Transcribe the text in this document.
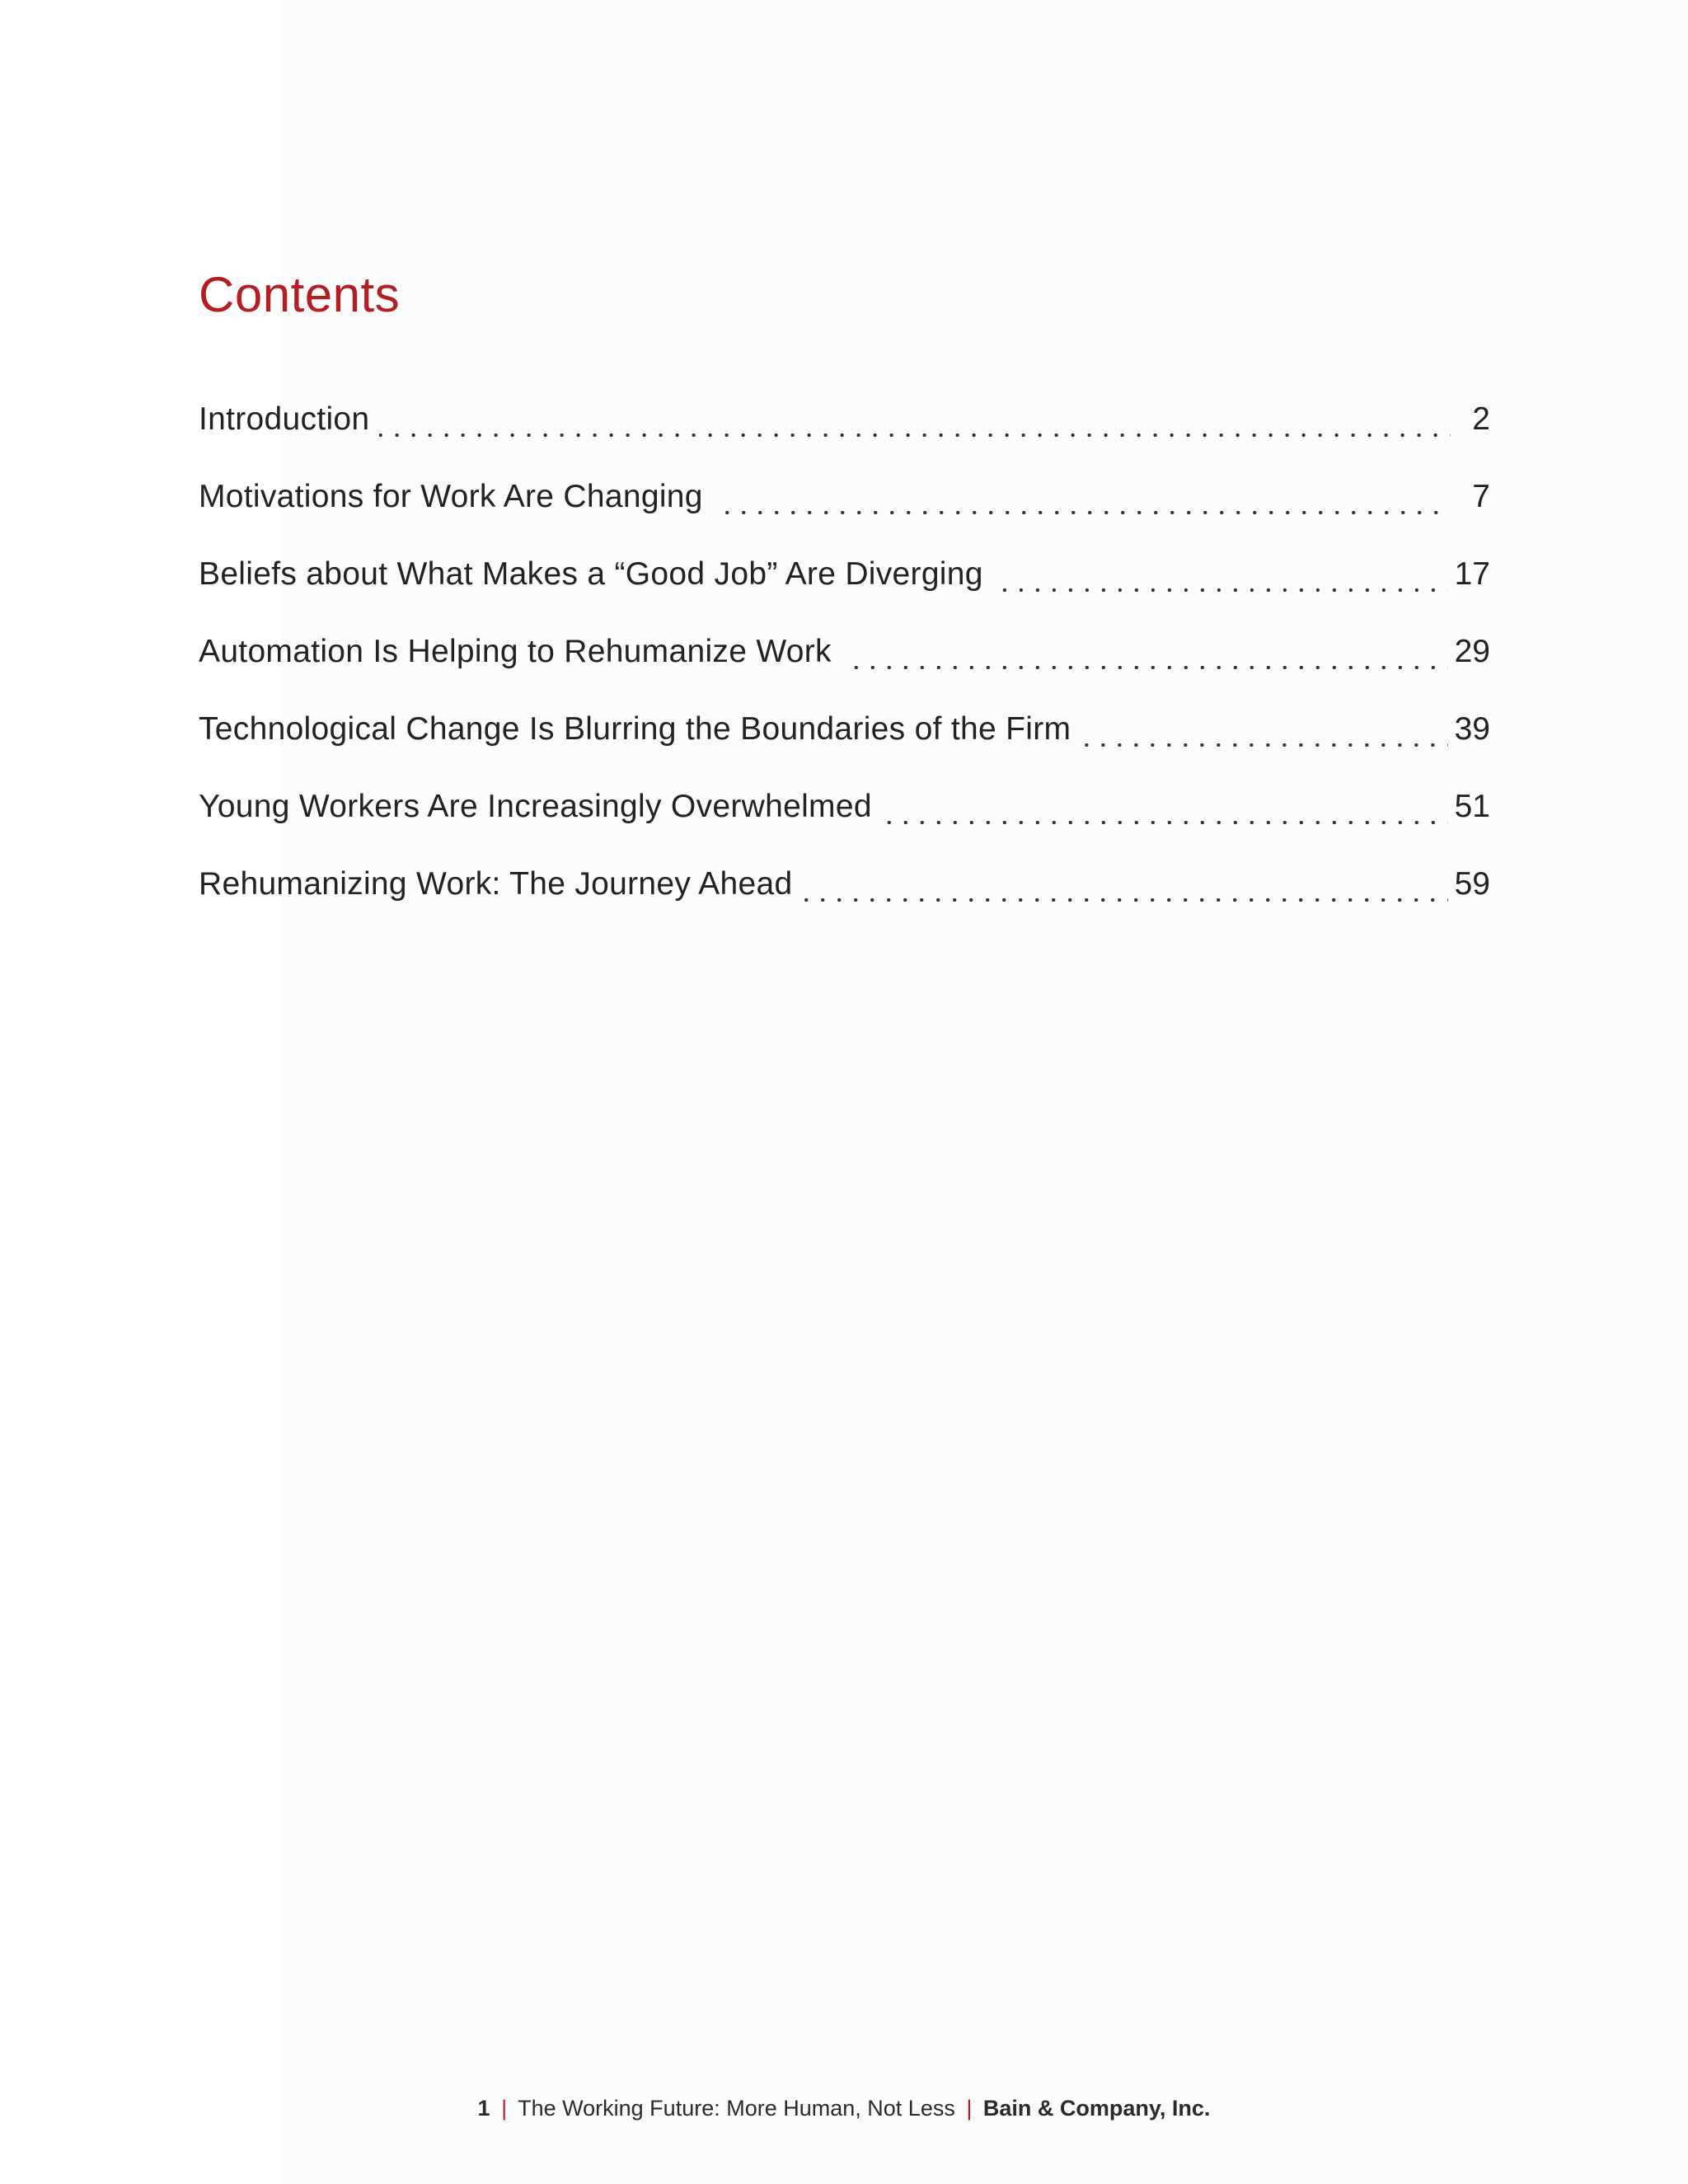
Contents
Introduction	2
Motivations for Work Are Changing	7
Beliefs about What Makes a “Good Job” Are Diverging	17
Automation Is Helping to Rehumanize Work	29
Technological Change Is Blurring the Boundaries of the Firm	39
Young Workers Are Increasingly Overwhelmed	51
Rehumanizing Work: The Journey Ahead	59
1 | The Working Future: More Human, Not Less | Bain & Company, Inc.
